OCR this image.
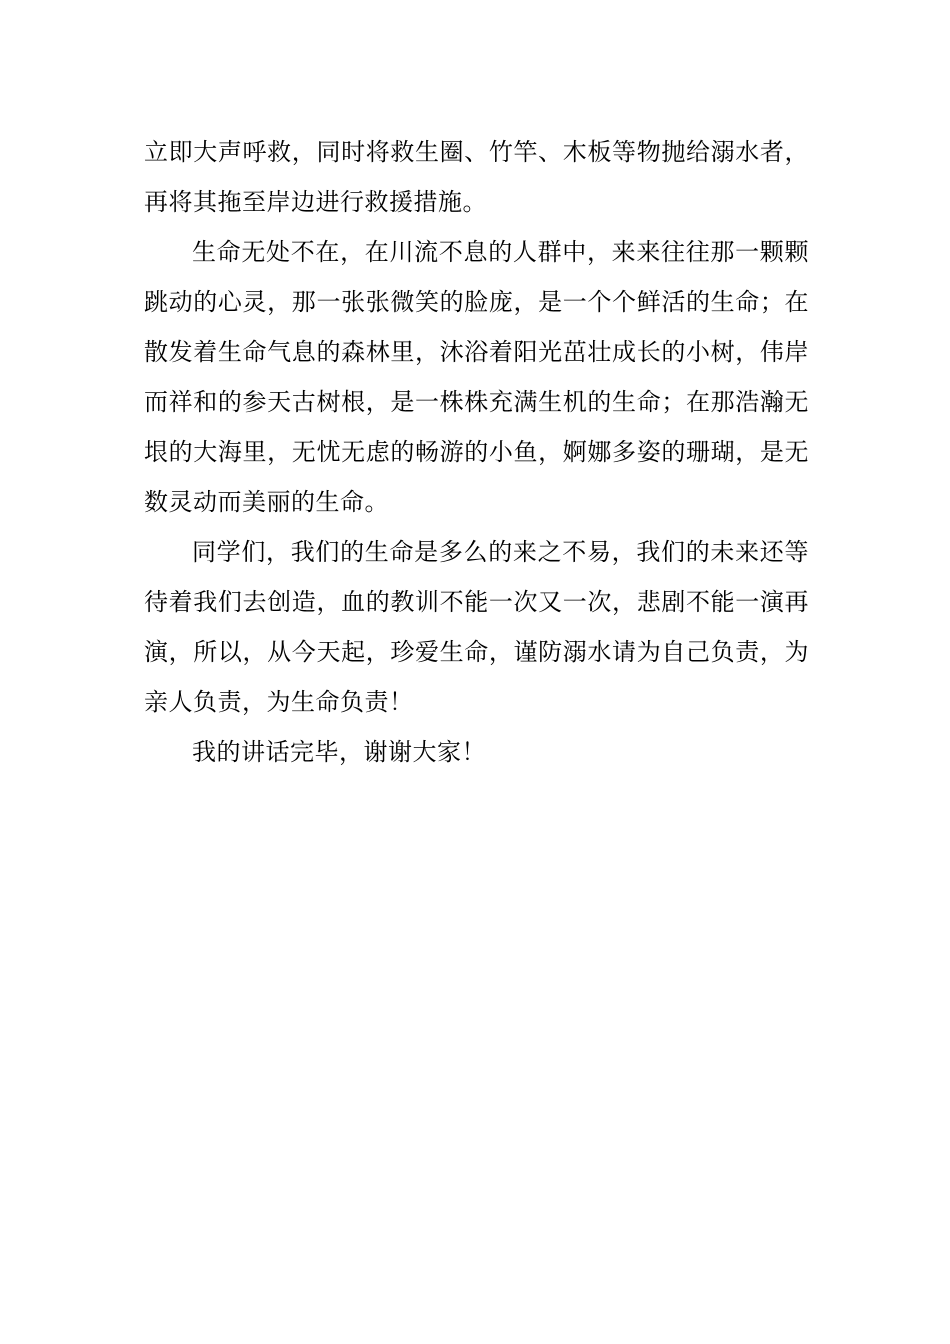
立即大声呼救，同时将救生圈、竹竿、木板等物抛给溺水者，再将其拖至岸边进行救援措施。

生命无处不在，在川流不息的人群中，来来往往那一颗颗跳动的心灵，那一张张微笑的脸庞，是一个个鲜活的生命；在散发着生命气息的森林里，沐浴着阳光茁壮成长的小树，伟岸而祥和的参天古树根，是一株株充满生机的生命；在那浩瀚无垠的大海里，无忧无虑的畅游的小鱼，婀娜多姿的珊瑚，是无数灵动而美丽的生命。

同学们，我们的生命是多么的来之不易，我们的未来还等待着我们去创造，血的教训不能一次又一次，悲剧不能一演再演，所以，从今天起，珍爱生命，谨防溺水请为自己负责，为亲人负责，为生命负责！

我的讲话完毕，谢谢大家！
